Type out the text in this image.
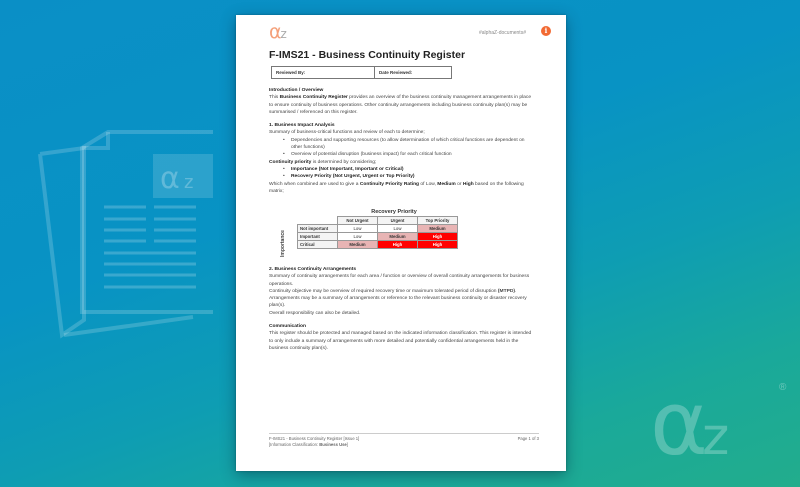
α z
αz
®
αz	#alphaZ-documents#	i
F-IMS21 - Business Continuity Register
Reviewed By:	Date Reviewed:

Introduction / Overview

This Business Continuity Register provides an overview of the business continuity management arrangements in place to ensure continuity of business operations. Other continuity arrangements including business continuity plan(s) may be summarised / referenced on this register.

1. Business Impact Analysis

Summary of business-critical functions and review of each to determine;

• Dependencies and supporting resources (to allow determination of which critical functions are dependent on other functions)
• Overview of potential disruption (business impact) for each critical function

Continuity priority is determined by considering;

• Importance (Not Important, Important or Critical)
• Recovery Priority (Not Urgent, Urgent or Top Priority)

Which when combined are used to give a Continuity Priority Rating of Low, Medium or High based on the following matrix;

Recovery Priority
Importance
	Not Urgent	Urgent	Top Priority
Not important	Low	Low	Medium
Important	Low	Medium	High
Critical	Medium	High	High

2. Business Continuity Arrangements

Summary of continuity arrangements for each area / function or overview of overall continuity arrangements for business operations.

Continuity objective may be overview of required recovery time or maximum tolerated period of disruption (MTPD).

Arrangements may be a summary of arrangements or reference to the relevant business continuity or disaster recovery plan(s).

Overall responsibility can also be detailed.

Communication

This register should be protected and managed based on the indicated information classification. This register is intended to only include a summary of arrangements with more detailed and potentially confidential arrangements held in the business continuity plan(s).

F-IMS21 - Business Continuity Register [Issue 1]
[Information Classification: Business Use]
Page 1 of 3
